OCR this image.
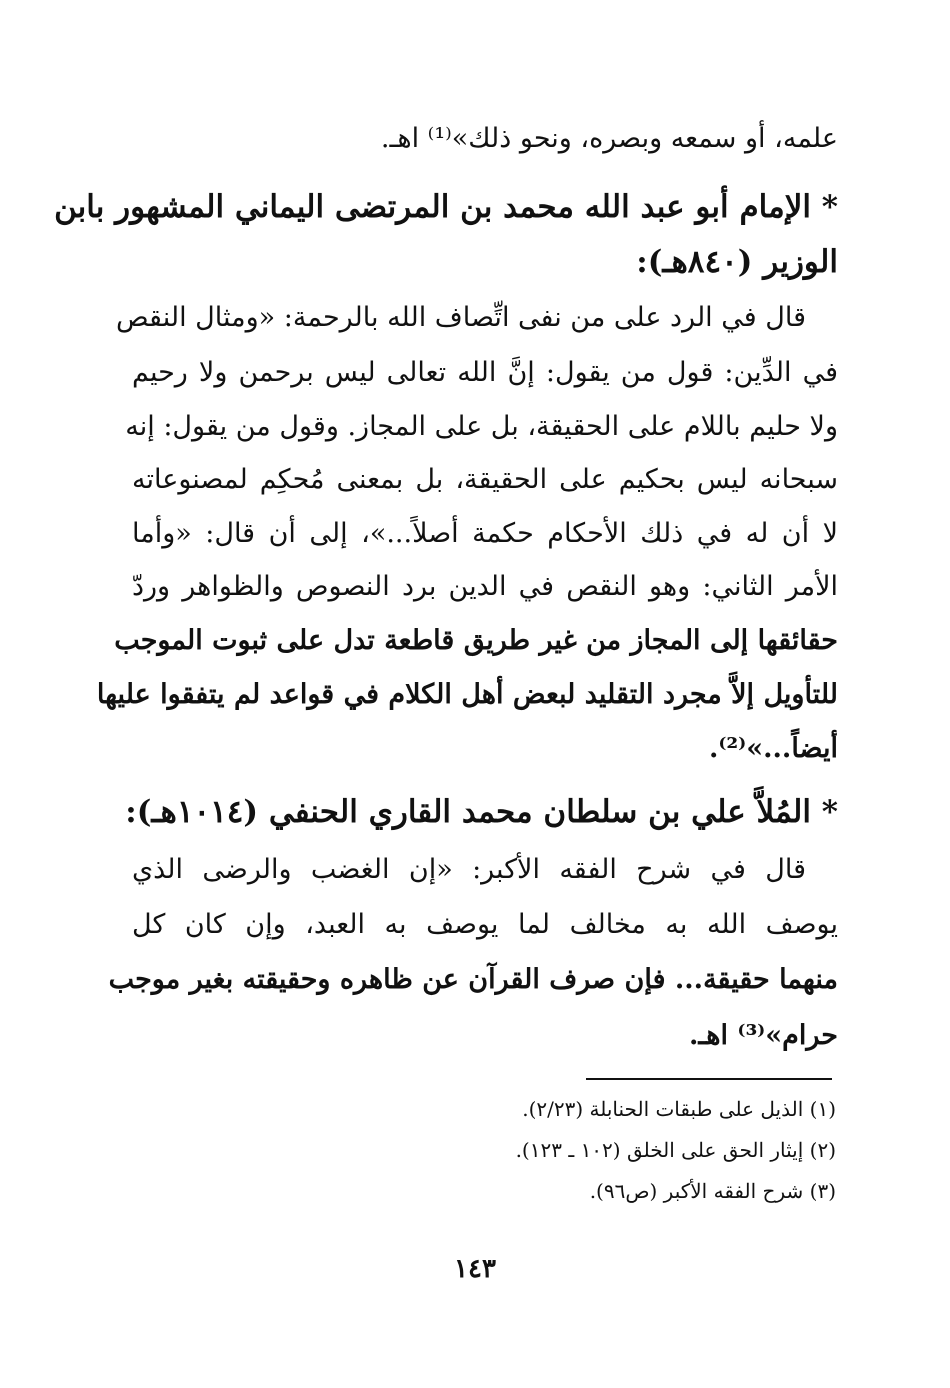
علمه، أو سمعه وبصره، ونحو ذلك»⁽¹⁾ اهـ.
* الإمام أبو عبد الله محمد بن المرتضى اليماني المشهور بابن
الوزير (٨٤٠هـ):
قال في الرد على من نفى اتِّصاف الله بالرحمة: «ومثال النقص
في الدِّين: قول من يقول: إنَّ الله تعالى ليس برحمن ولا رحيم
ولا حليم باللام على الحقيقة، بل على المجاز. وقول من يقول: إنه
سبحانه ليس بحكيم على الحقيقة، بل بمعنى مُحكِم لمصنوعاته
لا أن له في ذلك الأحكام حكمة أصلاً...»، إلى أن قال: «وأما
الأمر الثاني: وهو النقص في الدين برد النصوص والظواهر وردّ
حقائقها إلى المجاز من غير طريق قاطعة تدل على ثبوت الموجب
للتأويل إلاَّ مجرد التقليد لبعض أهل الكلام في قواعد لم يتفقوا عليها
أيضاً...»⁽²⁾.
* المُلاَّ علي بن سلطان محمد القاري الحنفي (١٠١٤هـ):
قال في شرح الفقه الأكبر: «إن الغضب والرضى الذي
يوصف الله به مخالف لما يوصف به العبد، وإن كان كل
منهما حقيقة... فإن صرف القرآن عن ظاهره وحقيقته بغير موجب
حرام»⁽³⁾ اهـ.
(١) الذيل على طبقات الحنابلة (٢/٢٣).
(٢) إيثار الحق على الخلق (١٠٢ ـ ١٢٣).
(٣) شرح الفقه الأكبر (ص٩٦).
١٤٣
